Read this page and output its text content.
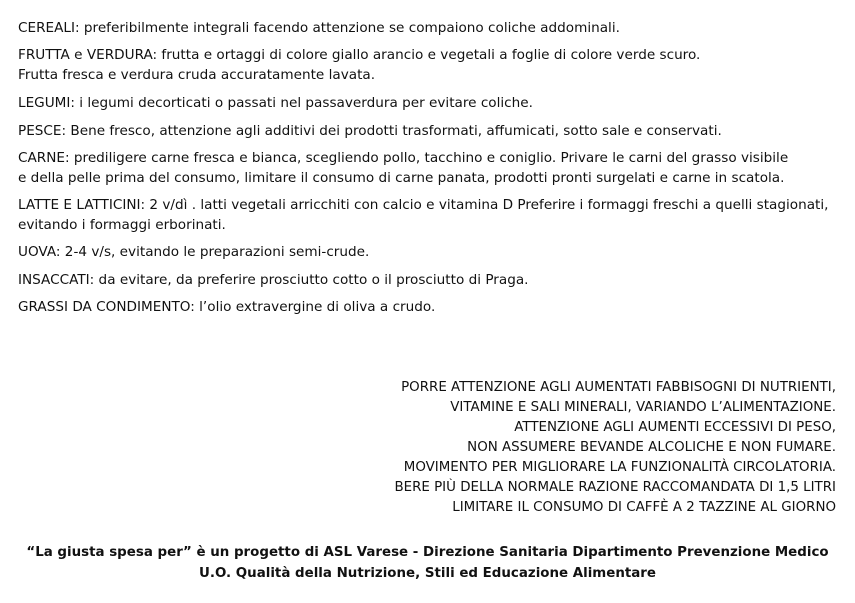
CEREALI: preferibilmente integrali facendo attenzione se compaiono coliche addominali.
FRUTTA e VERDURA: frutta e ortaggi di colore giallo arancio e vegetali a foglie di colore verde scuro.
Frutta fresca e verdura cruda accuratamente lavata.
LEGUMI: i legumi decorticati o passati nel passaverdura per evitare coliche.
PESCE: Bene fresco, attenzione agli additivi dei prodotti trasformati, affumicati, sotto sale e conservati.
CARNE: prediligere carne fresca e bianca, scegliendo pollo, tacchino e coniglio. Privare le carni del grasso visibile
e della pelle prima del consumo, limitare il consumo di carne panata, prodotti pronti surgelati e carne in scatola.
LATTE E LATTICINI: 2 v/dì . latti vegetali arricchiti con calcio e vitamina D Preferire i formaggi freschi a quelli stagionati,
evitando i formaggi erborinati.
UOVA: 2-4 v/s, evitando le preparazioni semi-crude.
INSACCATI: da evitare, da preferire prosciutto cotto o il prosciutto di Praga.
GRASSI DA CONDIMENTO: l’olio extravergine di oliva a crudo.
PORRE ATTENZIONE AGLI AUMENTATI FABBISOGNI DI NUTRIENTI,
VITAMINE E SALI MINERALI, VARIANDO L’ALIMENTAZIONE.
ATTENZIONE AGLI AUMENTI ECCESSIVI DI PESO,
NON ASSUMERE BEVANDE ALCOLICHE E NON FUMARE.
MOVIMENTO PER MIGLIORARE LA FUNZIONALITÀ CIRCOLATORIA.
BERE PIÙ DELLA NORMALE RAZIONE RACCOMANDATA DI 1,5 LITRI
LIMITARE IL CONSUMO DI CAFFÈ A 2 TAZZINE AL GIORNO
“La giusta spesa per” è un progetto di ASL Varese - Direzione Sanitaria Dipartimento Prevenzione Medico
U.O. Qualità della Nutrizione, Stili ed Educazione Alimentare
